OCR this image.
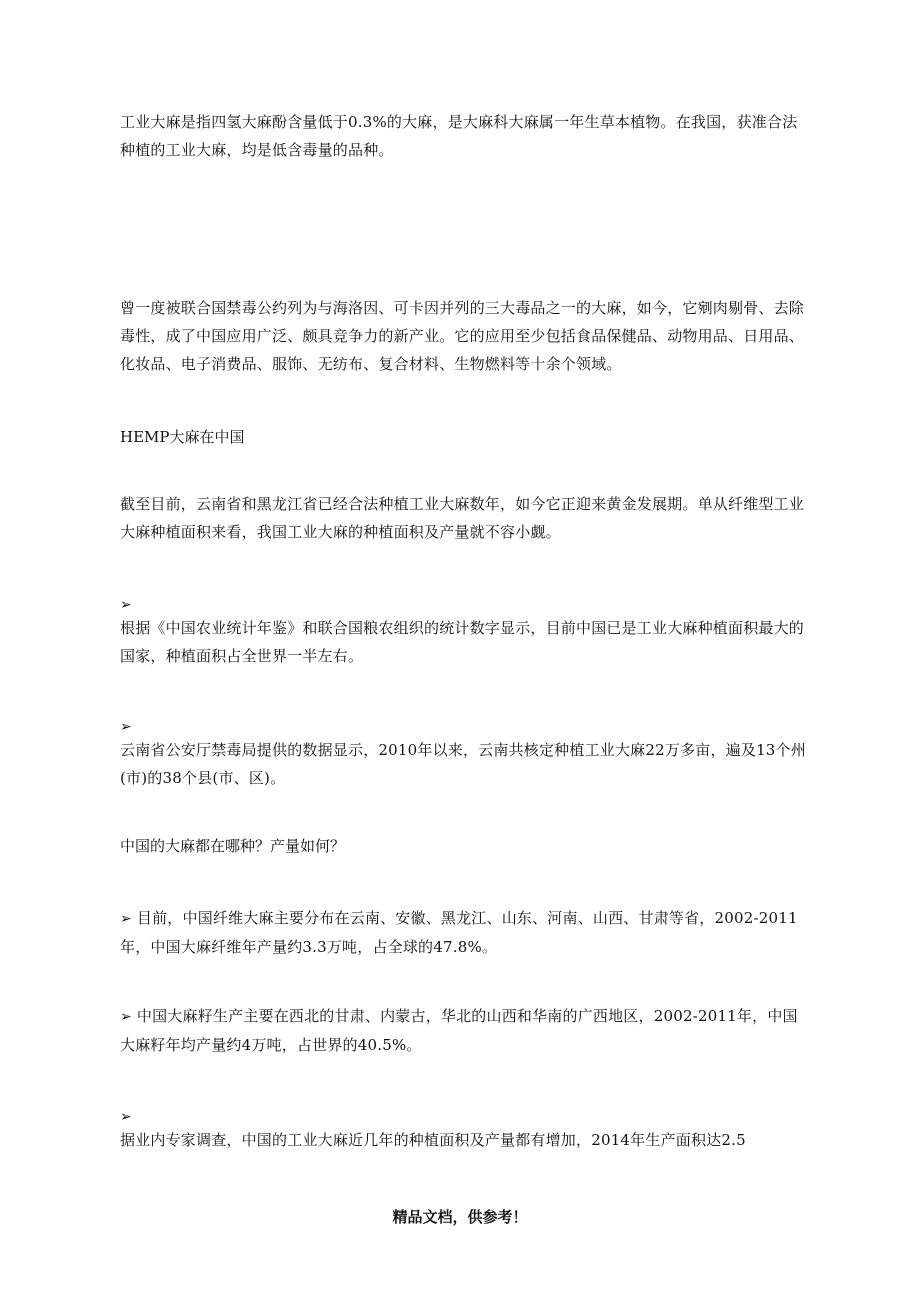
工业大麻是指四氢大麻酚含量低于0.3%的大麻，是大麻科大麻属一年生草本植物。在我国，获准合法种植的工业大麻，均是低含毒量的品种。

曾一度被联合国禁毒公约列为与海洛因、可卡因并列的三大毒品之一的大麻，如今，它剜肉剔骨、去除毒性，成了中国应用广泛、颇具竞争力的新产业。它的应用至少包括食品保健品、动物用品、日用品、化妆品、电子消费品、服饰、无纺布、复合材料、生物燃料等十余个领域。

HEMP大麻在中国

截至目前，云南省和黑龙江省已经合法种植工业大麻数年，如今它正迎来黄金发展期。单从纤维型工业大麻种植面积来看，我国工业大麻的种植面积及产量就不容小觑。

➢
根据《中国农业统计年鉴》和联合国粮农组织的统计数字显示，目前中国已是工业大麻种植面积最大的国家，种植面积占全世界一半左右。
➢
云南省公安厅禁毒局提供的数据显示，2010年以来，云南共核定种植工业大麻22万多亩，遍及13个州(市)的38个县(市、区)。

中国的大麻都在哪种？产量如何？

➢ 目前，中国纤维大麻主要分布在云南、安徽、黑龙江、山东、河南、山西、甘肃等省，2002-2011年，中国大麻纤维年产量约3.3万吨，占全球的47.8%。

➢ 中国大麻籽生产主要在西北的甘肃、内蒙古，华北的山西和华南的广西地区，2002-2011年，中国大麻籽年均产量约4万吨，占世界的40.5%。

➢
据业内专家调查，中国的工业大麻近几年的种植面积及产量都有增加，2014年生产面积达2.5
精品文档，供参考！
